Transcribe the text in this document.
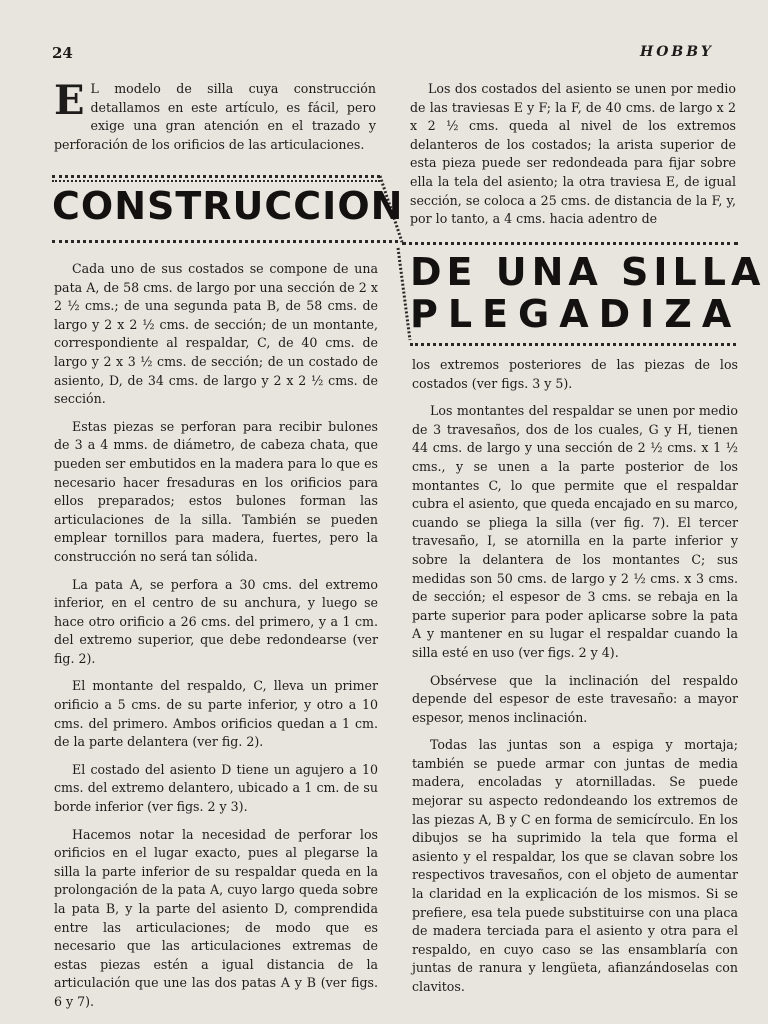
24	HOBBY

E L modelo de silla cuya construcción detallamos en este artículo, es fácil, pero exige una gran atención en el trazado y perforación de los orificios de las articulaciones.

CONSTRUCCION
DE UNA SILLA
PLEGADIZA

Cada uno de sus costados se compone de una pata A, de 58 cms. de largo por una sección de 2 x 2 ½ cms.; de una segunda pata B, de 58 cms. de largo y 2 x 2 ½ cms. de sección; de un montante, correspondiente al respaldar, C, de 40 cms. de largo y 2 x 3 ½ cms. de sección; de un costado de asiento, D, de 34 cms. de largo y 2 x 2 ½ cms. de sección.

Estas piezas se perforan para recibir bulones de 3 a 4 mms. de diámetro, de cabeza chata, que pueden ser embutidos en la madera para lo que es necesario hacer fresaduras en los orificios para ellos preparados; estos bulones forman las articulaciones de la silla. También se pueden emplear tornillos para madera, fuertes, pero la construcción no será tan sólida.

La pata A, se perfora a 30 cms. del extremo inferior, en el centro de su anchura, y luego se hace otro orificio a 26 cms. del primero, y a 1 cm. del extremo superior, que debe redondearse (ver fig. 2).

El montante del respaldo, C, lleva un primer orificio a 5 cms. de su parte inferior, y otro a 10 cms. del primero. Ambos orificios quedan a 1 cm. de la parte delantera (ver fig. 2).

El costado del asiento D tiene un agujero a 10 cms. del extremo delantero, ubicado a 1 cm. de su borde inferior (ver figs. 2 y 3).

Hacemos notar la necesidad de perforar los orificios en el lugar exacto, pues al plegarse la silla la parte inferior de su respaldar queda en la prolongación de la pata A, cuyo largo queda sobre la pata B, y la parte del asiento D, comprendida entre las articulaciones; de modo que es necesario que las articulaciones extremas de estas piezas estén a igual distancia de la articulación que une las dos patas A y B (ver figs. 6 y 7).

Los dos costados del asiento se unen por medio de las traviesas E y F; la F, de 40 cms. de largo x 2 x 2 ½ cms. queda al nivel de los extremos delanteros de los costados; la arista superior de esta pieza puede ser redondeada para fijar sobre ella la tela del asiento; la otra traviesa E, de igual sección, se coloca a 25 cms. de distancia de la F, y, por lo tanto, a 4 cms. hacia adentro de

los extremos posteriores de las piezas de los costados (ver figs. 3 y 5).

Los montantes del respaldar se unen por medio de 3 travesaños, dos de los cuales, G y H, tienen 44 cms. de largo y una sección de 2 ½ cms. x 1 ½ cms., y se unen a la parte posterior de los montantes C, lo que permite que el respaldar cubra el asiento, que queda encajado en su marco, cuando se pliega la silla (ver fig. 7). El tercer travesaño, I, se atornilla en la parte inferior y sobre la delantera de los montantes C; sus medidas son 50 cms. de largo y 2 ½ cms. x 3 cms. de sección; el espesor de 3 cms. se rebaja en la parte superior para poder aplicarse sobre la pata A y mantener en su lugar el respaldar cuando la silla esté en uso (ver figs. 2 y 4).

Obsérvese que la inclinación del respaldo depende del espesor de este travesaño: a mayor espesor, menos inclinación.

Todas las juntas son a espiga y mortaja; también se puede armar con juntas de media madera, encoladas y atornilladas. Se puede mejorar su aspecto redondeando los extremos de las piezas A, B y C en forma de semicírculo. En los dibujos se ha suprimido la tela que forma el asiento y el respaldar, los que se clavan sobre los respectivos travesaños, con el objeto de aumentar la claridad en la explicación de los mismos. Si se prefiere, esa tela puede substituirse con una placa de madera terciada para el asiento y otra para el respaldo, en cuyo caso se las ensamblaría con juntas de ranura y lengüeta, afianzándoselas con clavitos.
